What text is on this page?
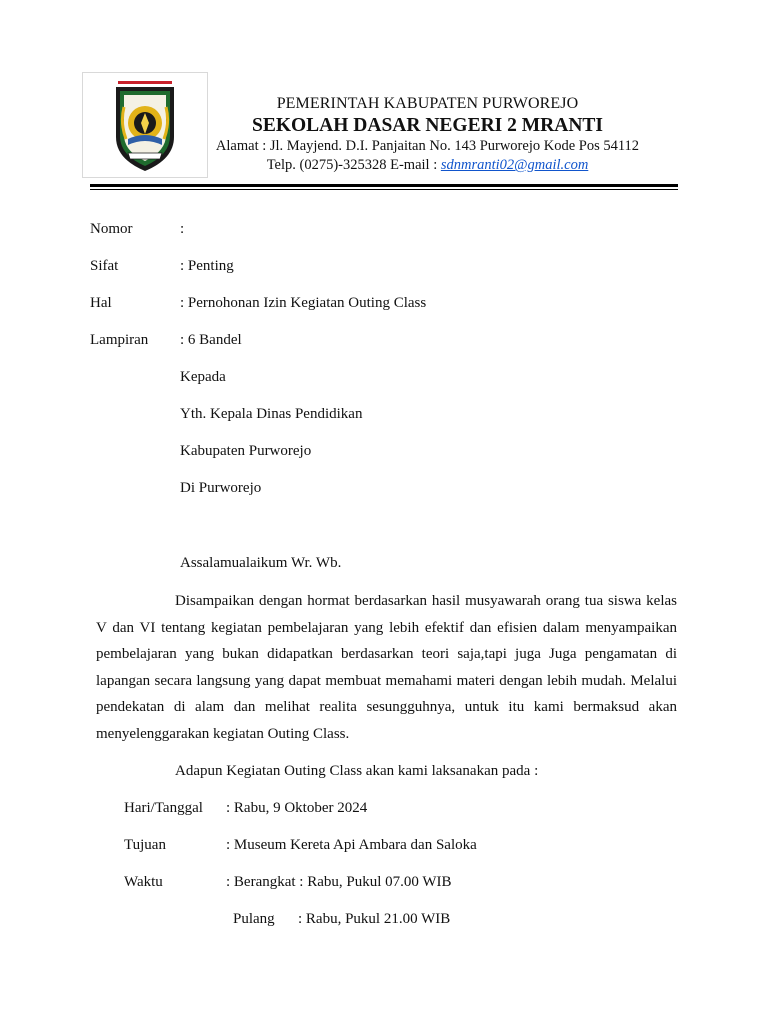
PEMERINTAH KABUPATEN PURWOREJO
SEKOLAH DASAR NEGERI 2 MRANTI
Alamat : Jl. Mayjend. D.I. Panjaitan No. 143 Purworejo Kode Pos 54112
Telp. (0275)-325328 E-mail : sdnmranti02@gmail.com
Nomor	:
Sifat	: Penting
Hal	: Pernohonan Izin Kegiatan Outing Class
Lampiran	: 6 Bandel
Kepada
Yth. Kepala Dinas Pendidikan
Kabupaten Purworejo
Di Purworejo
Assalamualaikum Wr. Wb.
Disampaikan dengan hormat berdasarkan hasil musyawarah orang tua siswa kelas V dan VI tentang kegiatan pembelajaran yang lebih efektif dan efisien dalam menyampaikan pembelajaran yang bukan didapatkan berdasarkan teori saja,tapi juga Juga pengamatan di lapangan secara langsung yang dapat membuat memahami materi dengan lebih mudah. Melalui pendekatan di alam dan melihat realita sesungguhnya, untuk itu kami bermaksud akan menyelenggarakan kegiatan Outing Class.
Adapun Kegiatan Outing Class akan kami laksanakan pada :
Hari/Tanggal	: Rabu, 9 Oktober 2024
Tujuan	: Museum Kereta Api Ambara dan Saloka
Waktu	: Berangkat : Rabu, Pukul 07.00 WIB
Pulang : Rabu, Pukul 21.00 WIB
